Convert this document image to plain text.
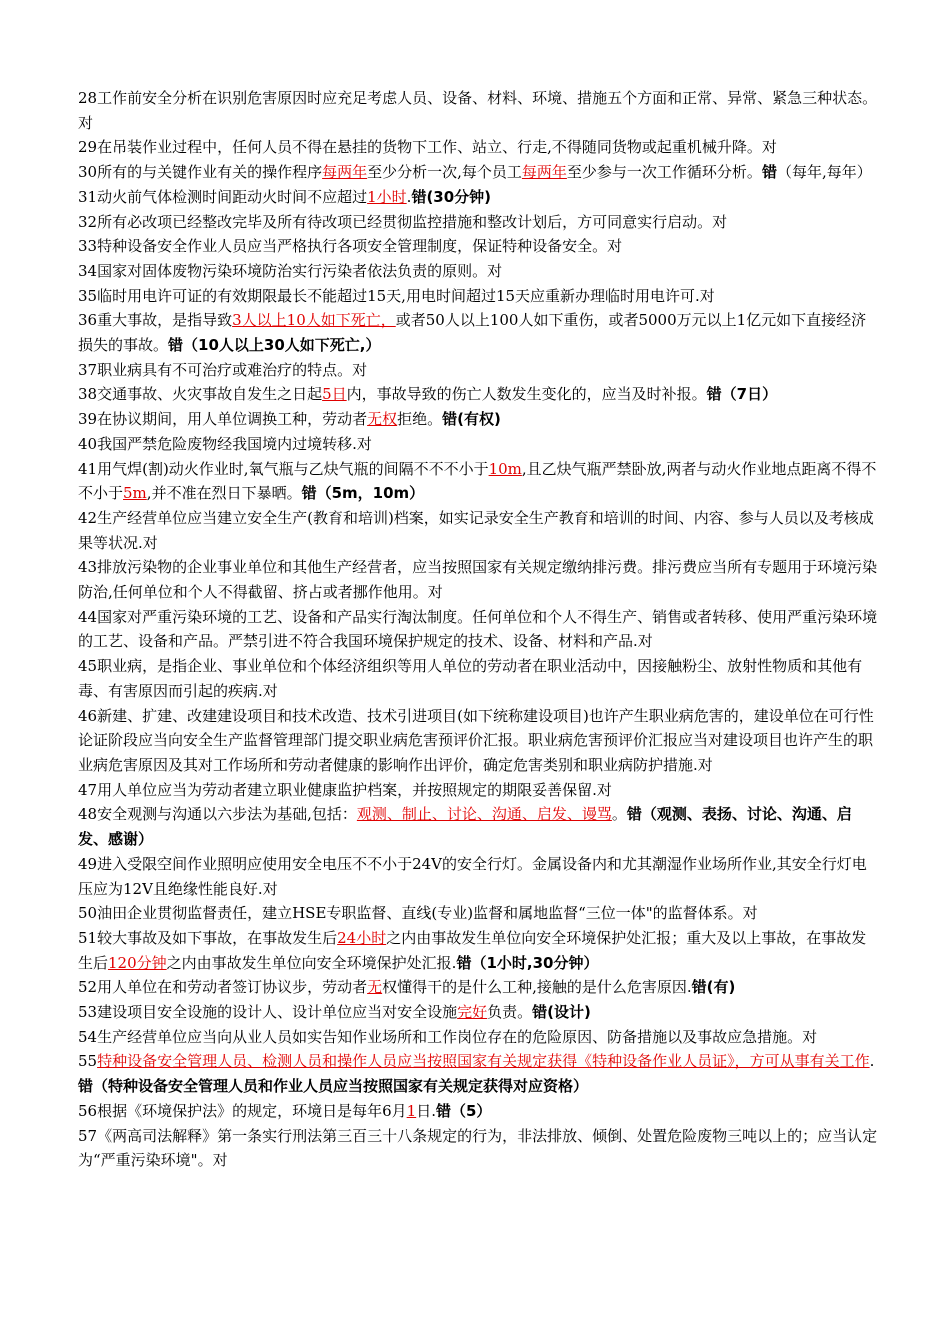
28工作前安全分析在识别危害原因时应充足考虑人员、设备、材料、环境、措施五个方面和正常、异常、紧急三种状态。对

29在吊装作业过程中，任何人员不得在悬挂的货物下工作、站立、行走,不得随同货物或起重机械升降。对

30所有的与关键作业有关的操作程序每两年至少分析一次,每个员工每两年至少参与一次工作循环分析。错（每年,每年）

31动火前气体检测时间距动火时间不应超过1小时.错(30分钟)

32所有必改项已经整改完毕及所有待改项已经贯彻监控措施和整改计划后，方可同意实行启动。对

33特种设备安全作业人员应当严格执行各项安全管理制度，保证特种设备安全。对

34国家对固体废物污染环境防治实行污染者依法负责的原则。对

35临时用电许可证的有效期限最长不能超过15天,用电时间超过15天应重新办理临时用电许可.对

36重大事故，是指导致3人以上10人如下死亡，或者50人以上100人如下重伤，或者5000万元以上1亿元如下直接经济损失的事故。错（10人以上30人如下死亡,）

37职业病具有不可治疗或难治疗的特点。对

38交通事故、火灾事故自发生之日起5日内，事故导致的伤亡人数发生变化的，应当及时补报。错（7日）

39在协议期间，用人单位调换工种，劳动者无权拒绝。错(有权)

40我国严禁危险废物经我国境内过境转移.对

41用气焊(割)动火作业时,氧气瓶与乙炔气瓶的间隔不不不小于10m,且乙炔气瓶严禁卧放,两者与动火作业地点距离不得不不小于5m,并不准在烈日下暴晒。错（5m，10m）

42生产经营单位应当建立安全生产(教育和培训)档案，如实记录安全生产教育和培训的时间、内容、参与人员以及考核成果等状况.对

43排放污染物的企业事业单位和其他生产经营者，应当按照国家有关规定缴纳排污费。排污费应当所有专题用于环境污染防治,任何单位和个人不得截留、挤占或者挪作他用。对

44国家对严重污染环境的工艺、设备和产品实行淘汰制度。任何单位和个人不得生产、销售或者转移、使用严重污染环境的工艺、设备和产品。严禁引进不符合我国环境保护规定的技术、设备、材料和产品.对

45职业病，是指企业、事业单位和个体经济组织等用人单位的劳动者在职业活动中，因接触粉尘、放射性物质和其他有毒、有害原因而引起的疾病.对

46新建、扩建、改建建设项目和技术改造、技术引进项目(如下统称建设项目)也许产生职业病危害的，建设单位在可行性论证阶段应当向安全生产监督管理部门提交职业病危害预评价汇报。职业病危害预评价汇报应当对建设项目也许产生的职业病危害原因及其对工作场所和劳动者健康的影响作出评价，确定危害类别和职业病防护措施.对

47用人单位应当为劳动者建立职业健康监护档案，并按照规定的期限妥善保留.对

48安全观测与沟通以六步法为基础,包括：观测、制止、讨论、沟通、启发、谩骂。错（观测、表扬、讨论、沟通、启发、感谢）

49进入受限空间作业照明应使用安全电压不不小于24V的安全行灯。金属设备内和尤其潮湿作业场所作业,其安全行灯电压应为12V且绝缘性能良好.对

50油田企业贯彻监督责任，建立HSE专职监督、直线(专业)监督和属地监督“三位一体"的监督体系。对

51较大事故及如下事故，在事故发生后24小时之内由事故发生单位向安全环境保护处汇报；重大及以上事故，在事故发生后120分钟之内由事故发生单位向安全环境保护处汇报.错（1小时,30分钟）

52用人单位在和劳动者签订协议步，劳动者无权懂得干的是什么工种,接触的是什么危害原因.错(有)

53建设项目安全设施的设计人、设计单位应当对安全设施完好负责。错(设计)

54生产经营单位应当向从业人员如实告知作业场所和工作岗位存在的危险原因、防备措施以及事故应急措施。对

55特种设备安全管理人员、检测人员和操作人员应当按照国家有关规定获得《特种设备作业人员证》，方可从事有关工作.错（特种设备安全管理人员和作业人员应当按照国家有关规定获得对应资格）

56根据《环境保护法》的规定，环境日是每年6月1日.错（5）

57《两高司法解释》第一条实行刑法第三百三十八条规定的行为，非法排放、倾倒、处置危险废物三吨以上的；应当认定为“严重污染环境"。对
